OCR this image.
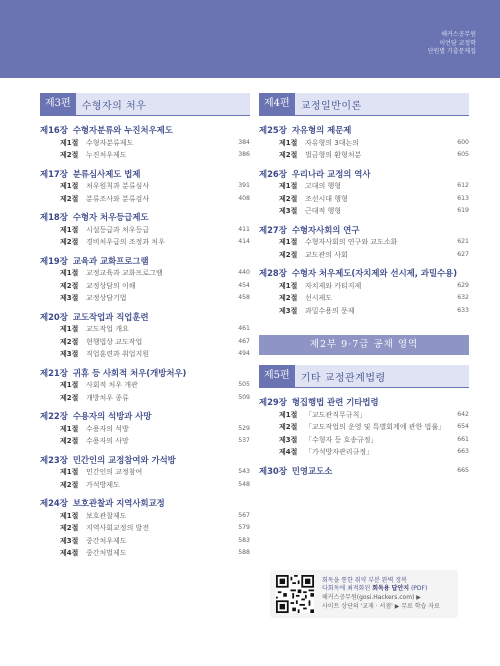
해커스공무원
이언담 교정학
단원별 기출문제집
제3편	수형자의 처우
제16장 수형자분류와 누진처우제도
제1절	수형자분류제도	384
제2절	누진처우제도	386
제17장 분류심사제도 법제
제1절	처우원칙과 분류심사	391
제2절	분류조사와 분류검사	408
제18장 수형자 처우등급제도
제1절	시설등급과 처우등급	411
제2절	경비처우급의 조정과 처우	414
제19장 교육과 교화프로그램
제1절	교정교육과 교화프로그램	440
제2절	교정상담의 이해	454
제3절	교정상담기법	458
제20장 교도작업과 직업훈련
제1절	교도작업 개요	461
제2절	현행법상 교도작업	467
제3절	직업훈련과 취업지원	494
제21장 귀휴 등 사회적 처우(개방처우)
제1절	사회적 처우 개관	505
제2절	개방처우 종류	509
제22장 수용자의 석방과 사망
제1절	수용자의 석방	529
제2절	수용자의 사망	537
제23장 민간인의 교정참여와 가석방
제1절	민간인의 교정참여	543
제2절	가석방제도	548
제24장 보호관찰과 지역사회교정
제1절	보호관찰제도	567
제2절	지역사회교정의 발전	579
제3절	중간처우제도	583
제4절	중간처벌제도	588
제4편	교정일반이론
제25장 자유형의 제문제
제1절	자유형의 3대논의	600
제2절	벌금형의 환형처분	605
제26장 우리나라 교정의 역사
제1절	고대의 행형	612
제2절	조선시대 행형	613
제3절	근대적 행형	619
제27장 수형자사회의 연구
제1절	수형자사회의 연구와 교도소화	621
제2절	교도관의 사회	627
제28장 수형자 처우제도(자치제와 선시제, 과밀수용)
제1절	자치제와 카티지제	629
제2절	선시제도	632
제3절	과밀수용의 문제	633
제2부 9·7급 공채 영역
제5편	기타 교정관계법령
제29장 형집행법 관련 기타법령
제1절	「교도관직무규칙」	642
제2절	「교도작업의 운영 및 특별회계에 관한 법률」	654
제3절	「수형자 등 호송규정」	661
제4절	「가석방자관리규정」	663
제30장 민영교도소	665
회독을 통한 취약 부분 완벽 정복
다회독에 최적화된 회독용 답안지 (PDF)
해커스공무원(gosi.Hackers.com) ▶
사이트 상단의 '교재 · 서점' ▶ 무료 학습 자료
